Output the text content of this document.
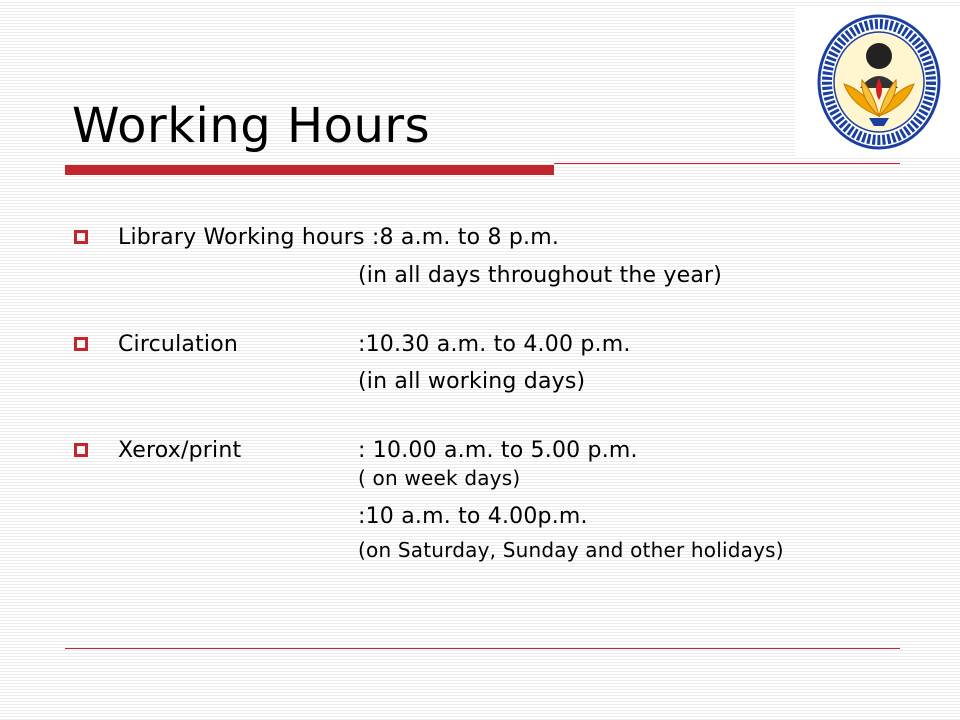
Working Hours
Library Working hours :8 a.m. to 8 p.m.
(in all days throughout the year)
Circulation	:10.30 a.m. to 4.00 p.m.
(in all working days)
Xerox/print	: 10.00 a.m. to 5.00 p.m.
( on week days)
:10 a.m. to 4.00p.m.
(on Saturday, Sunday and other holidays)
